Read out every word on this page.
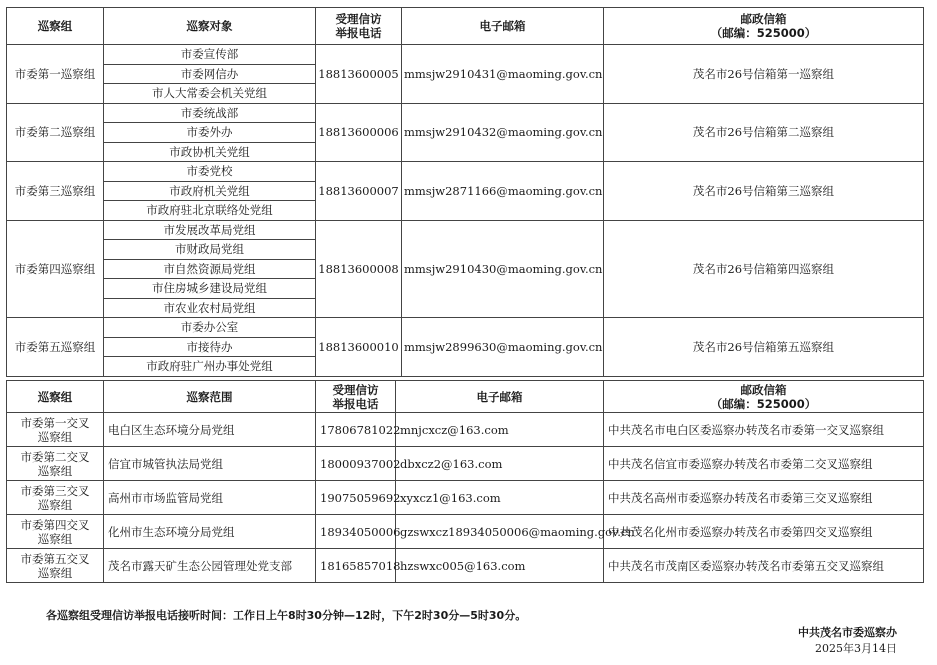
巡察组	巡察对象	受理信访
举报电话	电子邮箱	邮政信箱
（邮编：525000）
市委第一巡察组	市委宣传部	18813600005	mmsjw2910431@maoming.gov.cn	茂名市26号信箱第一巡察组
	市委网信办			
	市人大常委会机关党组			
市委第二巡察组	市委统战部	18813600006	mmsjw2910432@maoming.gov.cn	茂名市26号信箱第二巡察组
	市委外办			
	市政协机关党组			
市委第三巡察组	市委党校	18813600007	mmsjw2871166@maoming.gov.cn	茂名市26号信箱第三巡察组
	市政府机关党组			
	市政府驻北京联络处党组			
市委第四巡察组	市发展改革局党组	18813600008	mmsjw2910430@maoming.gov.cn	茂名市26号信箱第四巡察组
	市财政局党组			
	市自然资源局党组			
	市住房城乡建设局党组			
	市农业农村局党组			
市委第五巡察组	市委办公室	18813600010	mmsjw2899630@maoming.gov.cn	茂名市26号信箱第五巡察组
	市接待办			
	市政府驻广州办事处党组			
巡察组	巡察范围	受理信访
举报电话	电子邮箱	邮政信箱
（邮编：525000）
市委第一交叉
巡察组	电白区生态环境分局党组	17806781022	mnjcxcz@163.com	中共茂名市电白区委巡察办转茂名市委第一交叉巡察组
市委第二交叉
巡察组	信宜市城管执法局党组	18000937002	dbxcz2@163.com	中共茂名信宜市委巡察办转茂名市委第二交叉巡察组
市委第三交叉
巡察组	高州市市场监管局党组	19075059692	xyxcz1@163.com	中共茂名高州市委巡察办转茂名市委第三交叉巡察组
市委第四交叉
巡察组	化州市生态环境分局党组	18934050006	gzswxcz18934050006@maoming.gov.cn	中共茂名化州市委巡察办转茂名市委第四交叉巡察组
市委第五交叉
巡察组	茂名市露天矿生态公园管理处党支部	18165857018	hzswxc005@163.com	中共茂名市茂南区委巡察办转茂名市委第五交叉巡察组
各巡察组受理信访举报电话接听时间：工作日上午8时30分钟—12时，下午2时30分—5时30分。
中共茂名市委巡察办
2025年3月14日
